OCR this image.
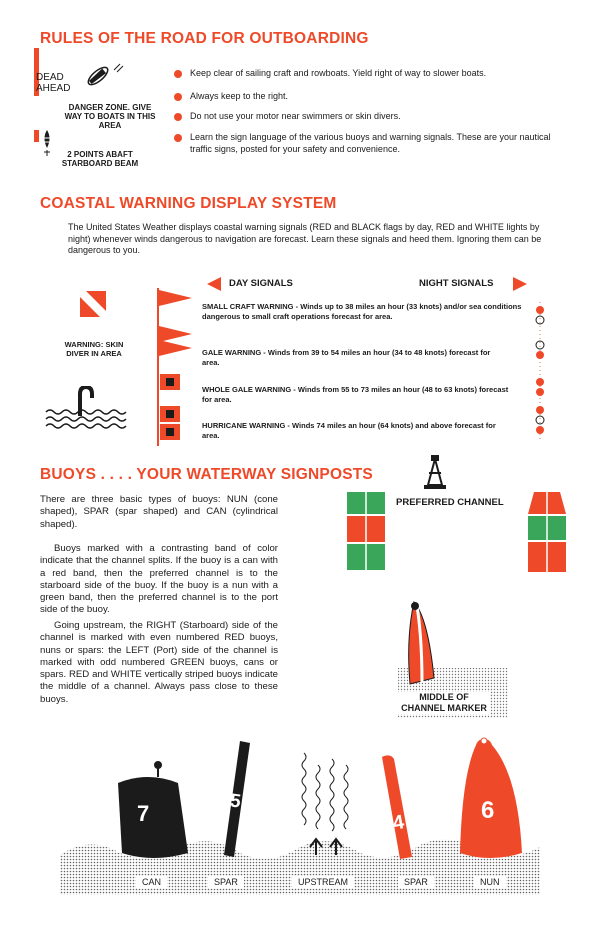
RULES OF THE ROAD FOR OUTBOARDING
DEAD AHEAD
DANGER ZONE. GIVE WAY TO BOATS IN THIS AREA
2 POINTS ABAFT STARBOARD BEAM
Keep clear of sailing craft and rowboats. Yield right of way to slower boats.
Always keep to the right.
Do not use your motor near swimmers or skin divers.
Learn the sign language of the various buoys and warning signals. These are your nautical traffic signs, posted for your safety and convenience.
COASTAL WARNING DISPLAY SYSTEM
The United States Weather displays coastal warning signals (RED and BLACK flags by day, RED and WHITE lights by night) whenever winds dangerous to navigation are forecast. Learn these signals and heed them. Ignoring them can be dangerous to you.
DAY SIGNALS	NIGHT SIGNALS
WARNING: SKIN DIVER IN AREA
SMALL CRAFT WARNING - Winds up to 38 miles an hour (33 knots) and/or sea conditions dangerous to small craft operations forecast for area.
GALE WARNING - Winds from 39 to 54 miles an hour (34 to 48 knots) forecast for area.
WHOLE GALE WARNING - Winds from 55 to 73 miles an hour (48 to 63 knots) forecast for area.
HURRICANE WARNING - Winds 74 miles an hour (64 knots) and above forecast for area.
BUOYS . . . . YOUR WATERWAY SIGNPOSTS
There are three basic types of buoys: NUN (cone shaped), SPAR (spar shaped) and CAN (cylindrical shaped).
Buoys marked with a contrasting band of color indicate that the channel splits. If the buoy is a can with a red band, then the preferred channel is to the starboard side of the buoy. If the buoy is a nun with a green band, then the preferred channel is to the port side of the buoy.
Going upstream, the RIGHT (Starboard) side of the channel is marked with even numbered RED buoys, nuns or spars: the LEFT (Port) side of the channel is marked with odd numbered GREEN buoys, cans or spars. RED and WHITE vertically striped buoys indicate the middle of a channel. Always pass close to these buoys.
PREFERRED CHANNEL
MIDDLE OF CHANNEL MARKER
7	5
4	6
CAN	SPAR	UPSTREAM	SPAR	NUN
